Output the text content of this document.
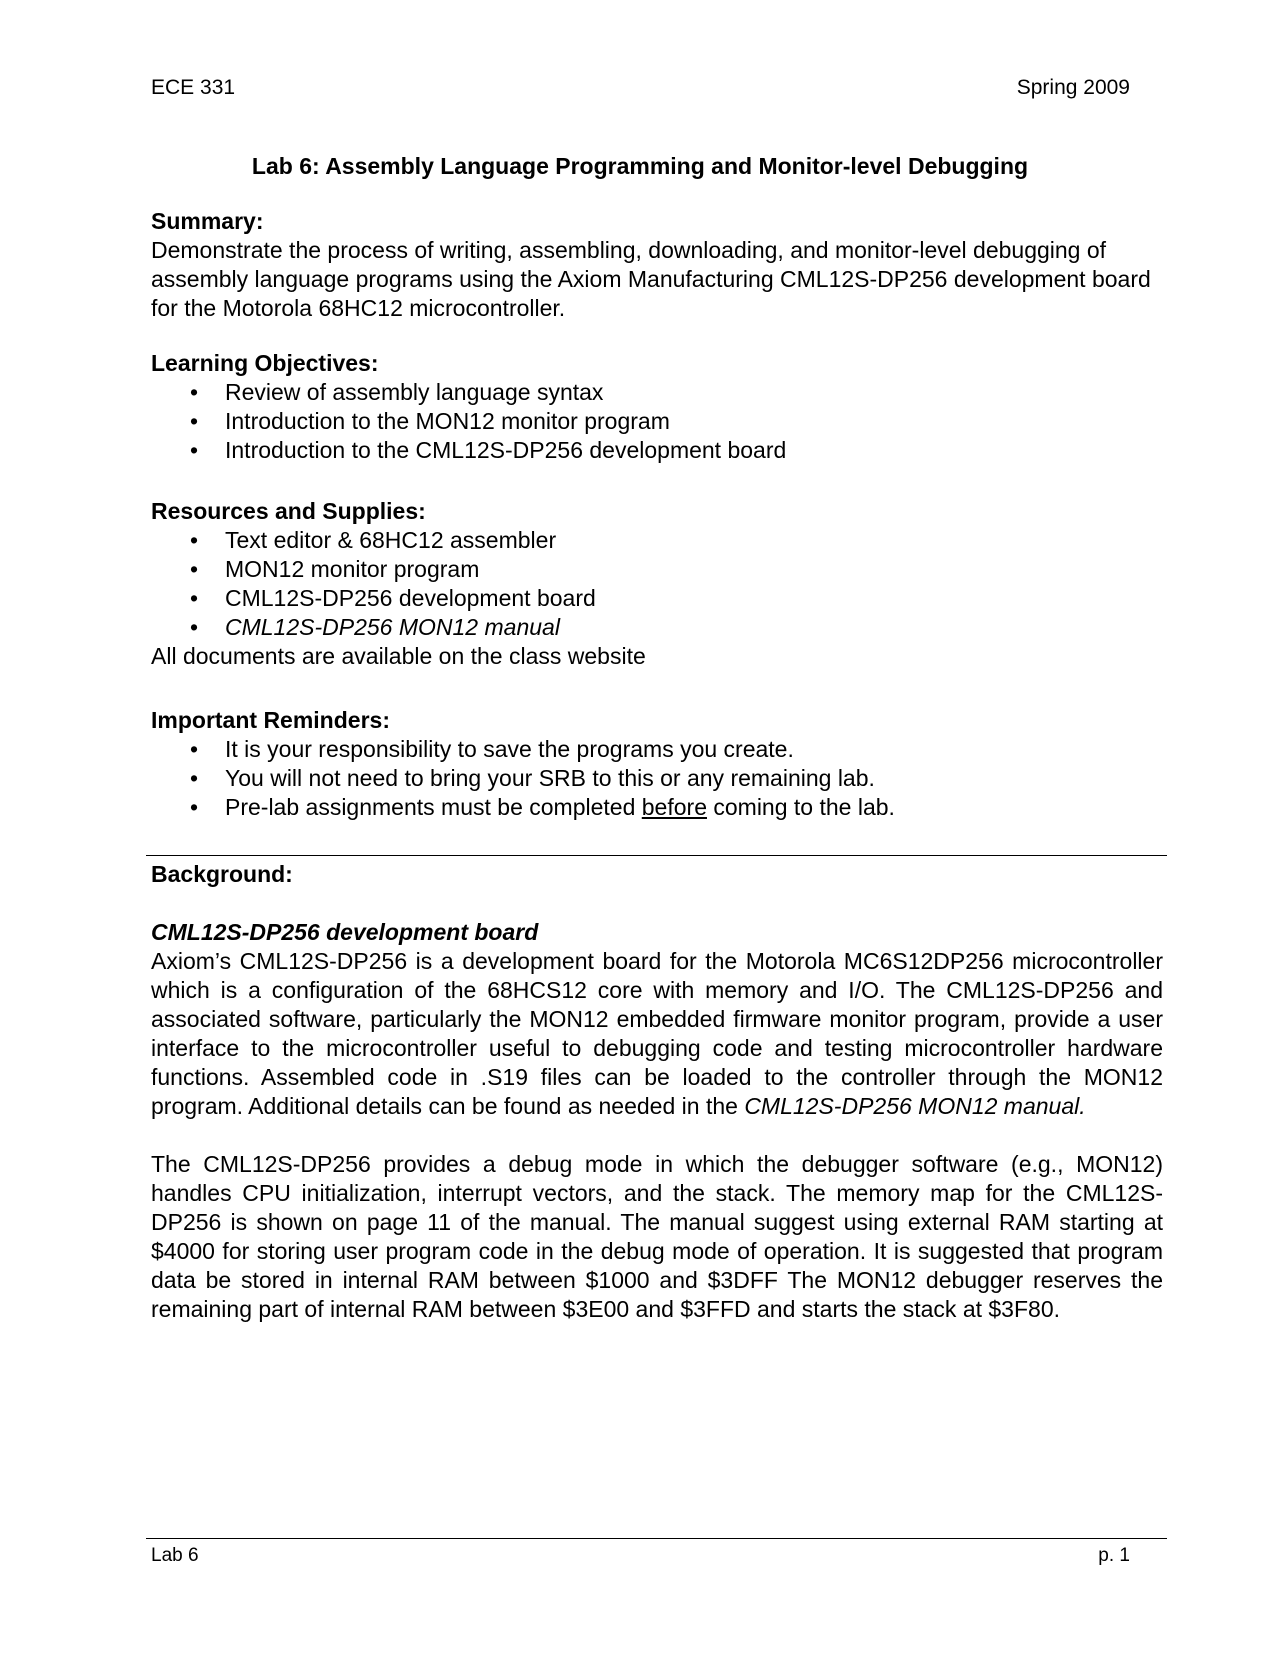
ECE 331	Spring 2009
Lab 6: Assembly Language Programming and Monitor-level Debugging

Summary:

Demonstrate the process of writing, assembling, downloading, and monitor-level debugging of assembly language programs using the Axiom Manufacturing CML12S-DP256 development board for the Motorola 68HC12 microcontroller.

Learning Objectives:

• Review of assembly language syntax
• Introduction to the MON12 monitor program
• Introduction to the CML12S-DP256 development board

Resources and Supplies:

• Text editor & 68HC12 assembler
• MON12 monitor program
• CML12S-DP256 development board
• CML12S-DP256 MON12 manual

All documents are available on the class website

Important Reminders:

• It is your responsibility to save the programs you create.
• You will not need to bring your SRB to this or any remaining lab.
• Pre-lab assignments must be completed before coming to the lab.

Background:

CML12S-DP256 development board

Axiom’s CML12S-DP256 is a development board for the Motorola MC6S12DP256 microcontroller which is a configuration of the 68HCS12 core with memory and I/O. The CML12S-DP256 and associated software, particularly the MON12 embedded firmware monitor program, provide a user interface to the microcontroller useful to debugging code and testing microcontroller hardware functions. Assembled code in .S19 files can be loaded to the controller through the MON12 program. Additional details can be found as needed in the CML12S-DP256 MON12 manual.

The CML12S-DP256 provides a debug mode in which the debugger software (e.g., MON12) handles CPU initialization, interrupt vectors, and the stack. The memory map for the CML12S-DP256 is shown on page 11 of the manual. The manual suggest using external RAM starting at $4000 for storing user program code in the debug mode of operation. It is suggested that program data be stored in internal RAM between $1000 and $3DFF The MON12 debugger reserves the remaining part of internal RAM between $3E00 and $3FFD and starts the stack at $3F80.

Lab 6	p. 1
